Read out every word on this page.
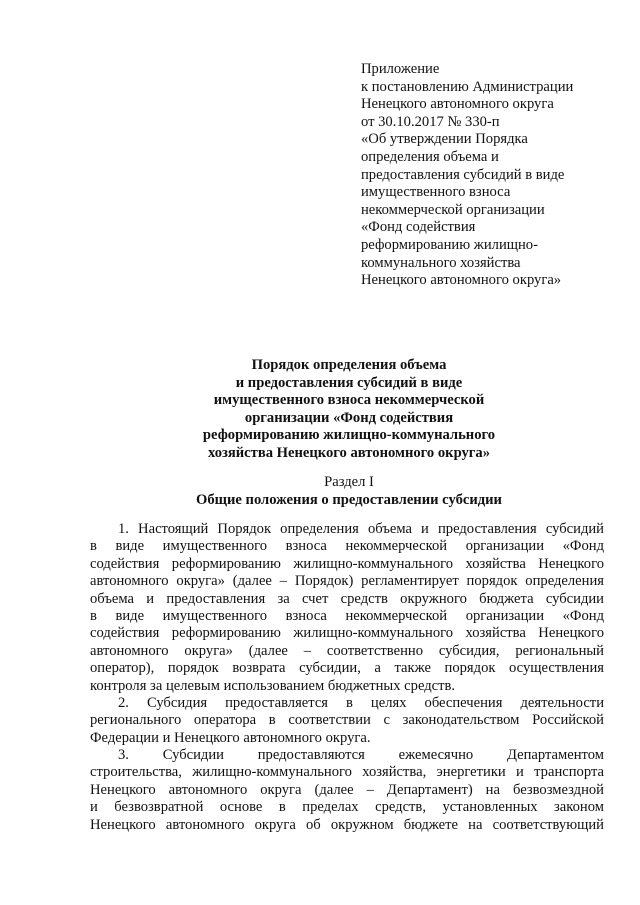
Приложение
к постановлению Администрации
Ненецкого автономного округа
от 30.10.2017 № 330-п
«Об утверждении Порядка
определения объема и
предоставления субсидий в виде
имущественного взноса
некоммерческой организации
«Фонд содействия
реформированию жилищно-
коммунального хозяйства
Ненецкого автономного округа»
Порядок определения объема
и предоставления субсидий в виде
имущественного взноса некоммерческой
организации «Фонд содействия
реформированию жилищно-коммунального
хозяйства Ненецкого автономного округа»
Раздел I
Общие положения о предоставлении субсидии
1. Настоящий Порядок определения объема и предоставления субсидий
в виде имущественного взноса некоммерческой организации «Фонд
содействия реформированию жилищно-коммунального хозяйства Ненецкого
автономного округа» (далее – Порядок) регламентирует порядок определения
объема и предоставления за счет средств окружного бюджета субсидии
в виде имущественного взноса некоммерческой организации «Фонд
содействия реформированию жилищно-коммунального хозяйства Ненецкого
автономного округа» (далее – соответственно субсидия, региональный
оператор), порядок возврата субсидии, а также порядок осуществления
контроля за целевым использованием бюджетных средств.
2. Субсидия предоставляется в целях обеспечения деятельности
регионального оператора в соответствии с законодательством Российской
Федерации и Ненецкого автономного округа.
3. Субсидии предоставляются ежемесячно Департаментом
строительства, жилищно-коммунального хозяйства, энергетики и транспорта
Ненецкого автономного округа (далее – Департамент) на безвозмездной
и безвозвратной основе в пределах средств, установленных законом
Ненецкого автономного округа об окружном бюджете на соответствующий
